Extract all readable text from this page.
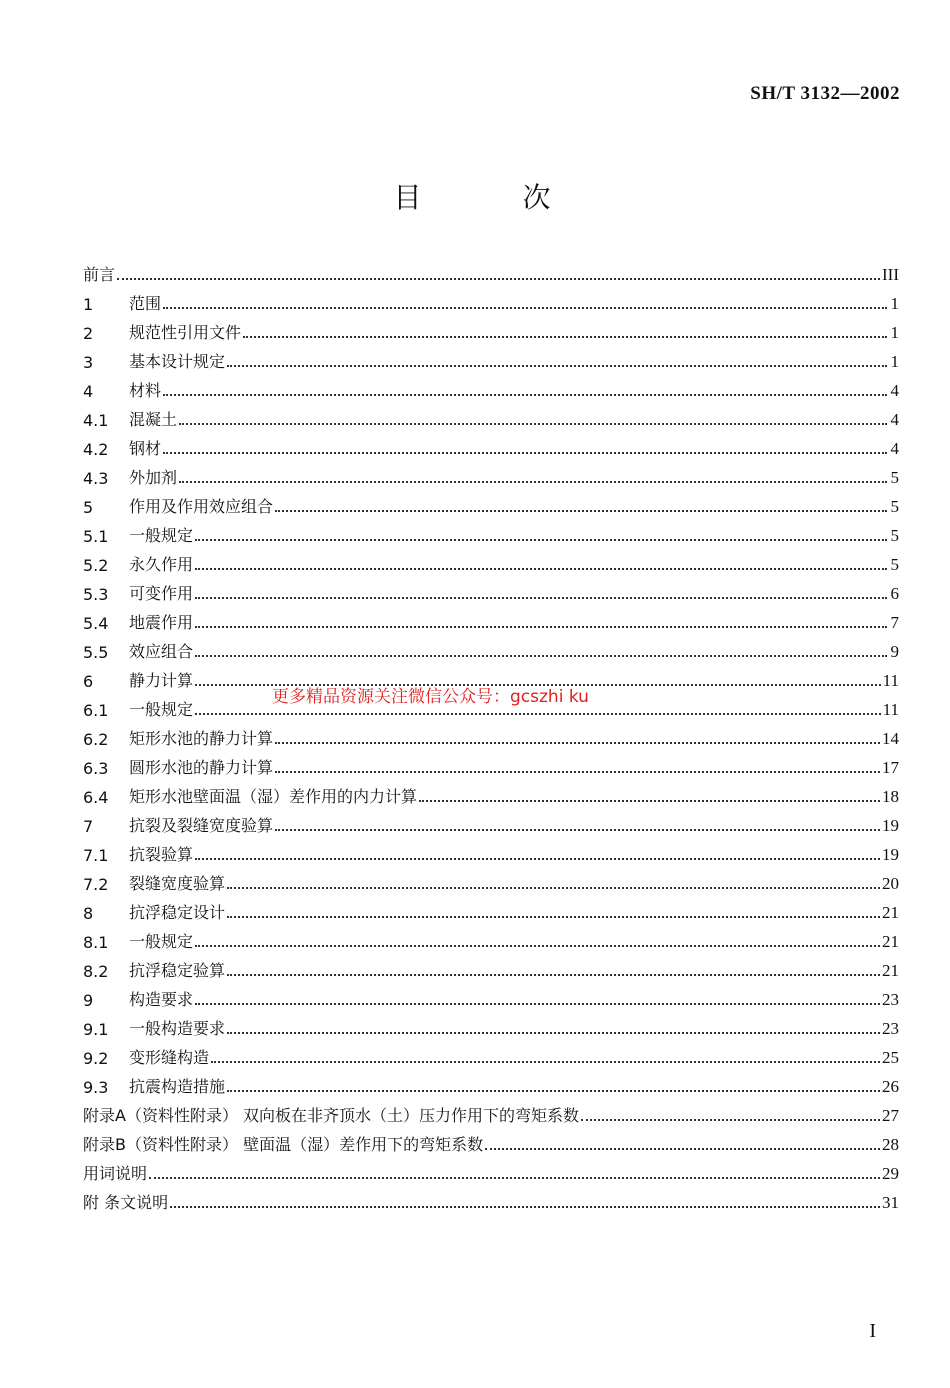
SH/T 3132—2002
目 次
前言	III
1	范围	1
2	规范性引用文件	1
3	基本设计规定	1
4	材料	4
4.1	混凝土	4
4.2	钢材	4
4.3	外加剂	5
5	作用及作用效应组合	5
5.1	一般规定	5
5.2	永久作用	5
5.3	可变作用	6
5.4	地震作用	7
5.5	效应组合	9
6	静力计算	11
6.1	一般规定	11
6.2	矩形水池的静力计算	14
6.3	圆形水池的静力计算	17
6.4	矩形水池壁面温（湿）差作用的内力计算	18
7	抗裂及裂缝宽度验算	19
7.1	抗裂验算	19
7.2	裂缝宽度验算	20
8	抗浮稳定设计	21
8.1	一般规定	21
8.2	抗浮稳定验算	21
9	构造要求	23
9.1	一般构造要求	23
9.2	变形缝构造	25
9.3	抗震构造措施	26
附录A（资料性附录） 双向板在非齐顶水（土）压力作用下的弯矩系数	27
附录B（资料性附录） 壁面温（湿）差作用下的弯矩系数	28
用词说明	29
附 条文说明	31
更多精品资源关注微信公众号：gcszhi ku
I
